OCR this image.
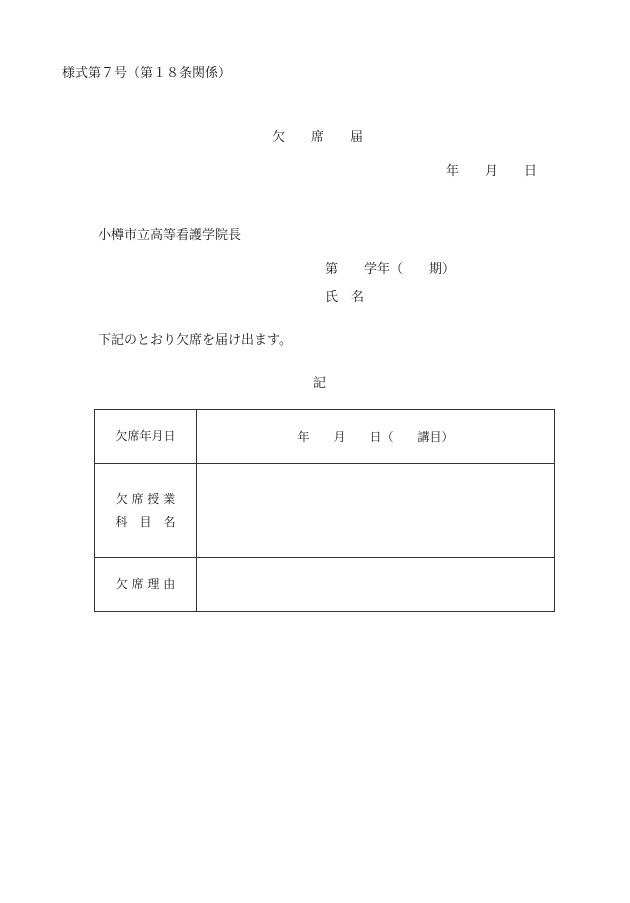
様式第７号（第１８条関係）
欠　　席　　届
年　　月　　日
小樽市立高等看護学院長
第　　学年（　　期）
氏　名
下記のとおり欠席を届け出ます。
記
欠席年月日	年　　月　　日（　　講目）

欠 席 授 業
科　目　名	

欠 席 理 由	
